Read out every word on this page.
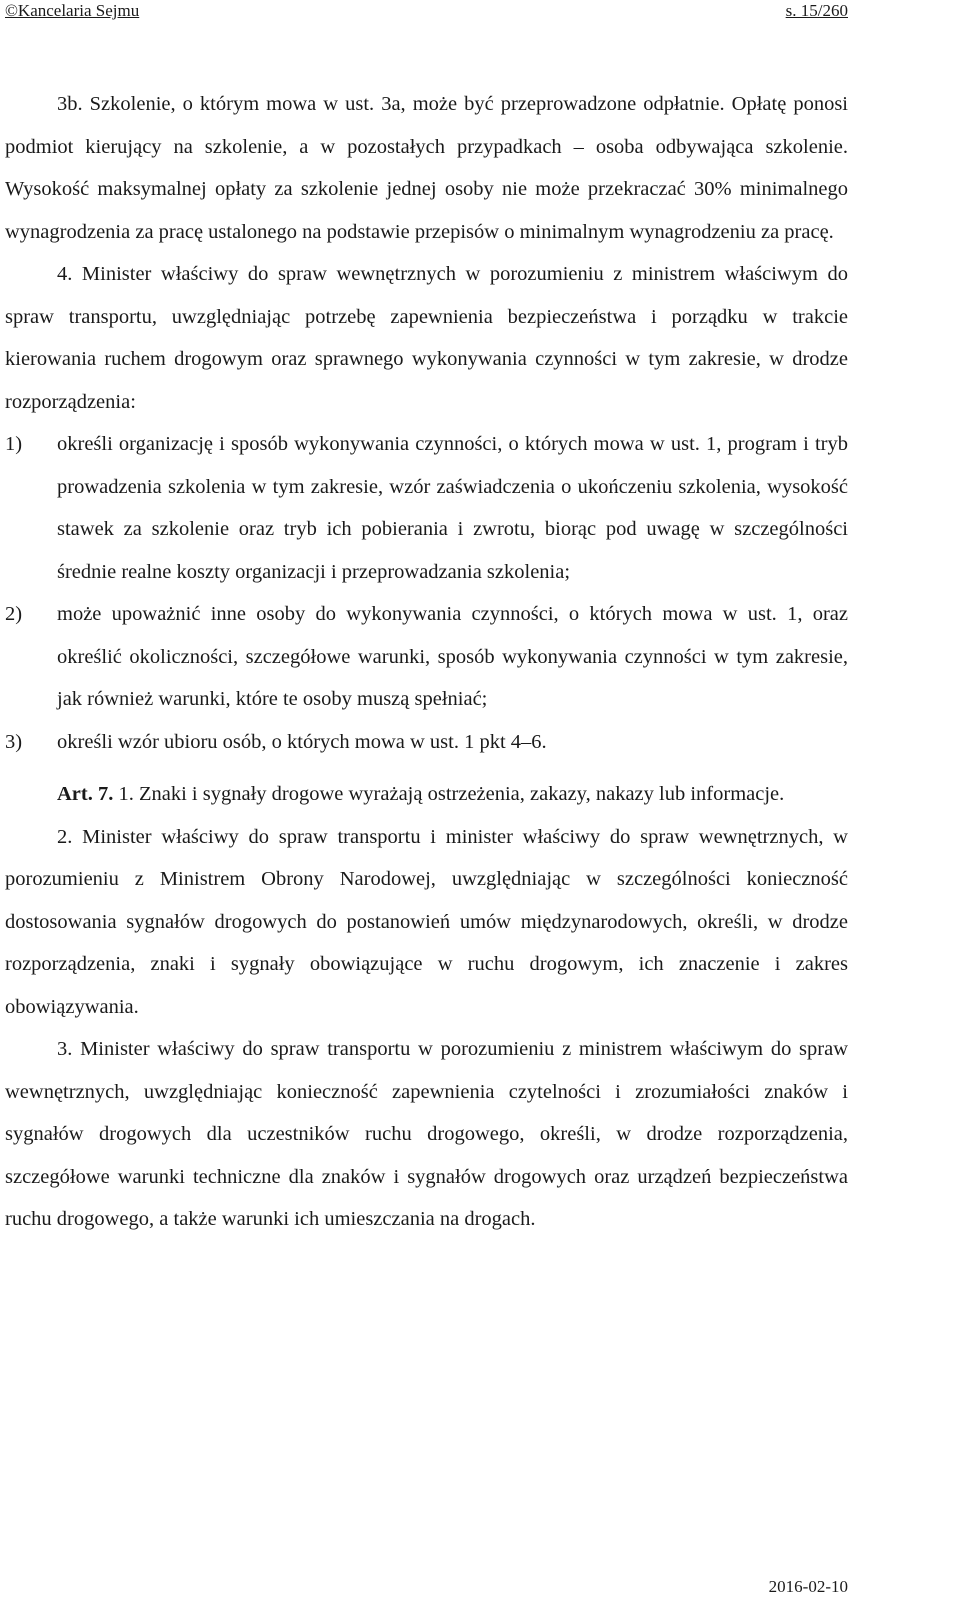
©Kancelaria Sejmu	s. 15/260

3b. Szkolenie, o którym mowa w ust. 3a, może być przeprowadzone odpłatnie. Opłatę ponosi podmiot kierujący na szkolenie, a w pozostałych przypadkach – osoba odbywająca szkolenie. Wysokość maksymalnej opłaty za szkolenie jednej osoby nie może przekraczać 30% minimalnego wynagrodzenia za pracę ustalonego na podstawie przepisów o minimalnym wynagrodzeniu za pracę.

4. Minister właściwy do spraw wewnętrznych w porozumieniu z ministrem właściwym do spraw transportu, uwzględniając potrzebę zapewnienia bezpieczeństwa i porządku w trakcie kierowania ruchem drogowym oraz sprawnego wykonywania czynności w tym zakresie, w drodze rozporządzenia:

1) określi organizację i sposób wykonywania czynności, o których mowa w ust. 1, program i tryb prowadzenia szkolenia w tym zakresie, wzór zaświadczenia o ukończeniu szkolenia, wysokość stawek za szkolenie oraz tryb ich pobierania i zwrotu, biorąc pod uwagę w szczególności średnie realne koszty organizacji i przeprowadzania szkolenia;
2) może upoważnić inne osoby do wykonywania czynności, o których mowa w ust. 1, oraz określić okoliczności, szczegółowe warunki, sposób wykonywania czynności w tym zakresie, jak również warunki, które te osoby muszą spełniać;
3) określi wzór ubioru osób, o których mowa w ust. 1 pkt 4–6.

Art. 7. 1. Znaki i sygnały drogowe wyrażają ostrzeżenia, zakazy, nakazy lub informacje.

2. Minister właściwy do spraw transportu i minister właściwy do spraw wewnętrznych, w porozumieniu z Ministrem Obrony Narodowej, uwzględniając w szczególności konieczność dostosowania sygnałów drogowych do postanowień umów międzynarodowych, określi, w drodze rozporządzenia, znaki i sygnały obowiązujące w ruchu drogowym, ich znaczenie i zakres obowiązywania.

3. Minister właściwy do spraw transportu w porozumieniu z ministrem właściwym do spraw wewnętrznych, uwzględniając konieczność zapewnienia czytelności i zrozumiałości znaków i sygnałów drogowych dla uczestników ruchu drogowego, określi, w drodze rozporządzenia, szczegółowe warunki techniczne dla znaków i sygnałów drogowych oraz urządzeń bezpieczeństwa ruchu drogowego, a także warunki ich umieszczania na drogach.

2016-02-10
